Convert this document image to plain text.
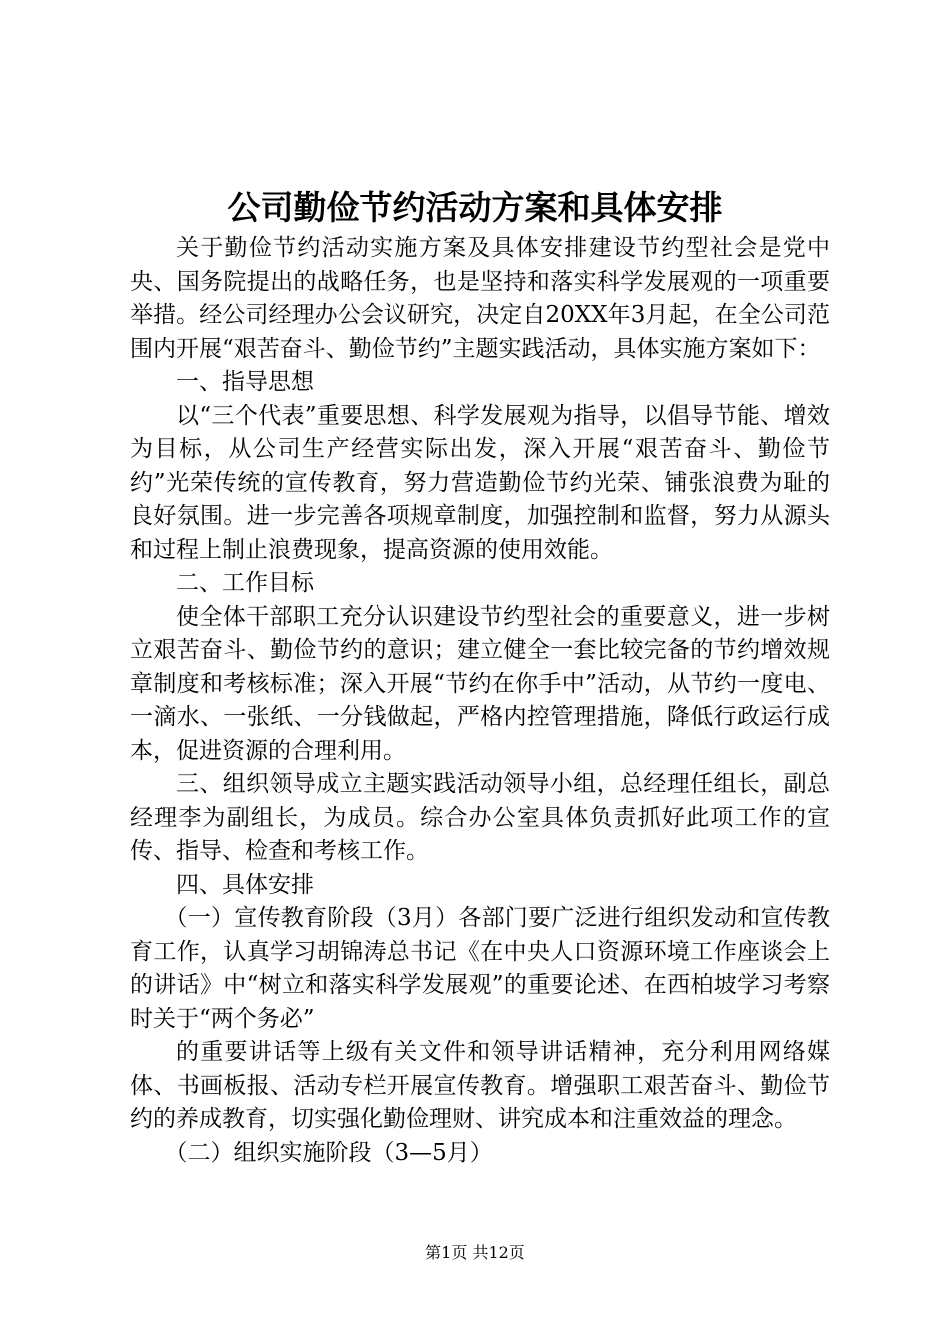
公司勤俭节约活动方案和具体安排

关于勤俭节约活动实施方案及具体安排建设节约型社会是党中央、国务院提出的战略任务，也是坚持和落实科学发展观的一项重要举措。经公司经理办公会议研究，决定自20XX年3月起，在全公司范围内开展“艰苦奋斗、勤俭节约”主题实践活动，具体实施方案如下：

一、指导思想

以“三个代表”重要思想、科学发展观为指导，以倡导节能、增效为目标，从公司生产经营实际出发，深入开展“艰苦奋斗、勤俭节约”光荣传统的宣传教育，努力营造勤俭节约光荣、铺张浪费为耻的良好氛围。进一步完善各项规章制度，加强控制和监督，努力从源头和过程上制止浪费现象，提高资源的使用效能。

二、工作目标

使全体干部职工充分认识建设节约型社会的重要意义，进一步树立艰苦奋斗、勤俭节约的意识；建立健全一套比较完备的节约增效规章制度和考核标准；深入开展“节约在你手中”活动，从节约一度电、一滴水、一张纸、一分钱做起，严格内控管理措施，降低行政运行成本，促进资源的合理利用。

三、组织领导成立主题实践活动领导小组，总经理任组长，副总经理李为副组长，为成员。综合办公室具体负责抓好此项工作的宣传、指导、检查和考核工作。

四、具体安排

（一）宣传教育阶段（3月）各部门要广泛进行组织发动和宣传教育工作，认真学习胡锦涛总书记《在中央人口资源环境工作座谈会上的讲话》中“树立和落实科学发展观”的重要论述、在西柏坡学习考察时关于“两个务必”

的重要讲话等上级有关文件和领导讲话精神，充分利用网络媒体、书画板报、活动专栏开展宣传教育。增强职工艰苦奋斗、勤俭节约的养成教育，切实强化勤俭理财、讲究成本和注重效益的理念。

（二）组织实施阶段（3—5月）

第1页 共12页
